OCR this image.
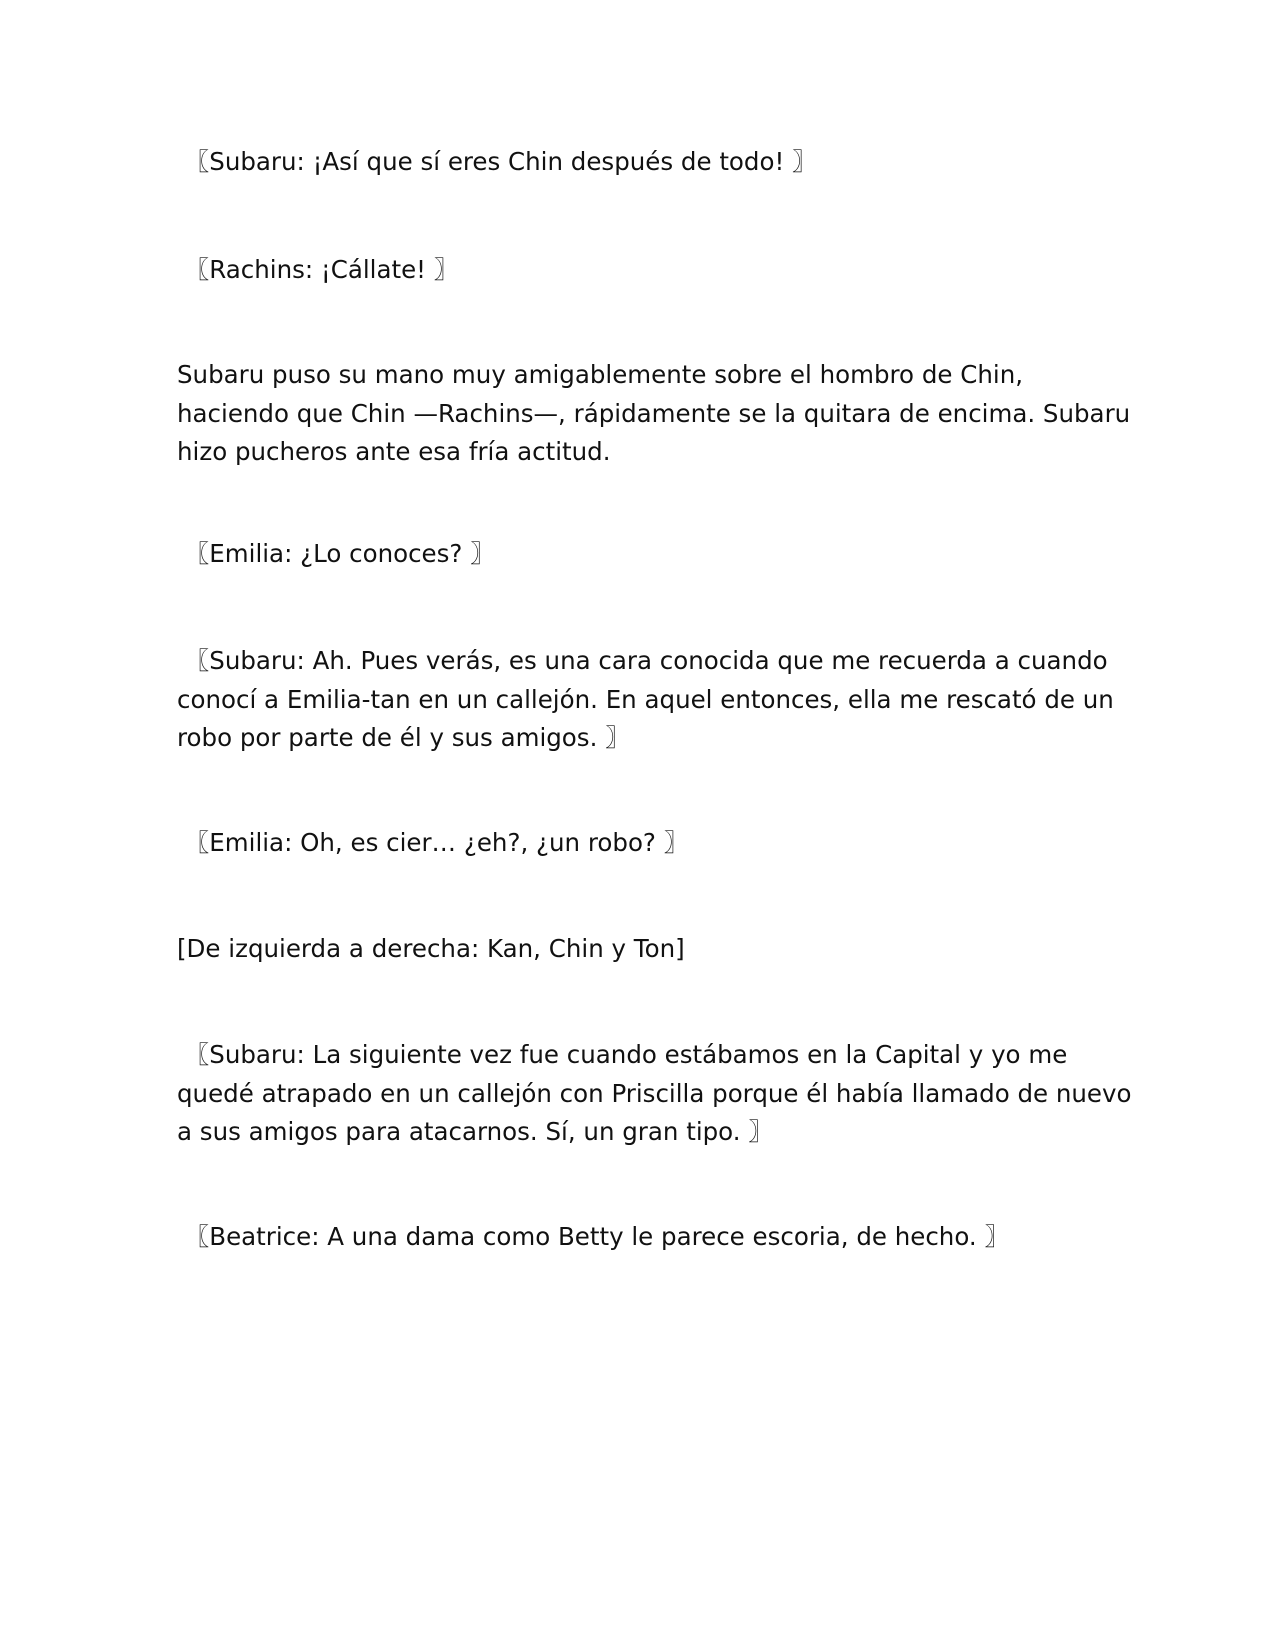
〖Subaru: ¡Así que sí eres Chin después de todo! 〗

〖Rachins: ¡Cállate! 〗

Subaru puso su mano muy amigablemente sobre el hombro de Chin,
haciendo que Chin —Rachins—, rápidamente se la quitara de encima. Subaru
hizo pucheros ante esa fría actitud.

〖Emilia: ¿Lo conoces? 〗

〖Subaru: Ah. Pues verás, es una cara conocida que me recuerda a cuando
conocí a Emilia-tan en un callejón. En aquel entonces, ella me rescató de un
robo por parte de él y sus amigos. 〗

〖Emilia: Oh, es cier… ¿eh?, ¿un robo? 〗

[De izquierda a derecha: Kan, Chin y Ton]

〖Subaru: La siguiente vez fue cuando estábamos en la Capital y yo me
quedé atrapado en un callejón con Priscilla porque él había llamado de nuevo
a sus amigos para atacarnos. Sí, un gran tipo. 〗

〖Beatrice: A una dama como Betty le parece escoria, de hecho. 〗
